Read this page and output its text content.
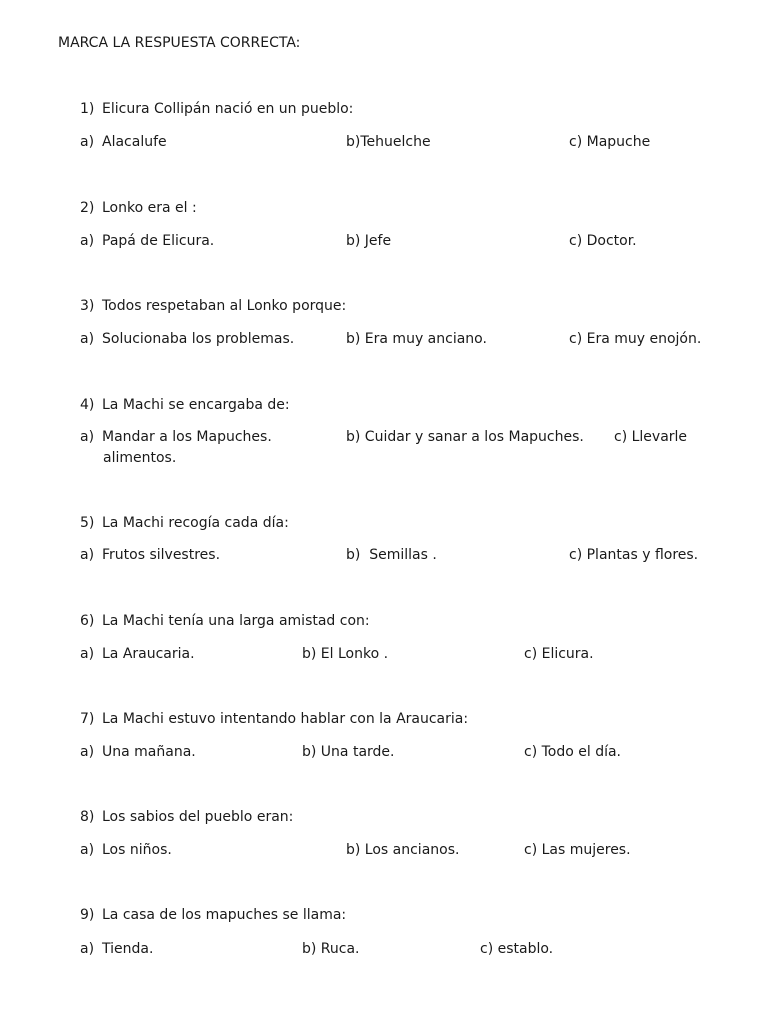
MARCA LA RESPUESTA CORRECTA:
1) Elicura Collipán nació en un pueblo:
a) Alacalufe	b)Tehuelche	c) Mapuche
2) Lonko era el :
a) Papá de Elicura.	b) Jefe	c) Doctor.
3) Todos respetaban al Lonko porque:
a) Solucionaba los problemas.	b) Era muy anciano.	c) Era muy enojón.
4) La Machi se encargaba de:
a) Mandar a los Mapuches.	b) Cuidar y sanar a los Mapuches. c) Llevarle
alimentos.
5) La Machi recogía cada día:
a) Frutos silvestres.	b)  Semillas .	c) Plantas y flores.
6) La Machi tenía una larga amistad con:
a) La Araucaria.	b) El Lonko .	c) Elicura.
7) La Machi estuvo intentando hablar con la Araucaria:
a) Una mañana.	b) Una tarde.	c) Todo el día.
8) Los sabios del pueblo eran:
a) Los niños.	b) Los ancianos.	c) Las mujeres.
9) La casa de los mapuches se llama:
a) Tienda.	b) Ruca.	c) establo.
